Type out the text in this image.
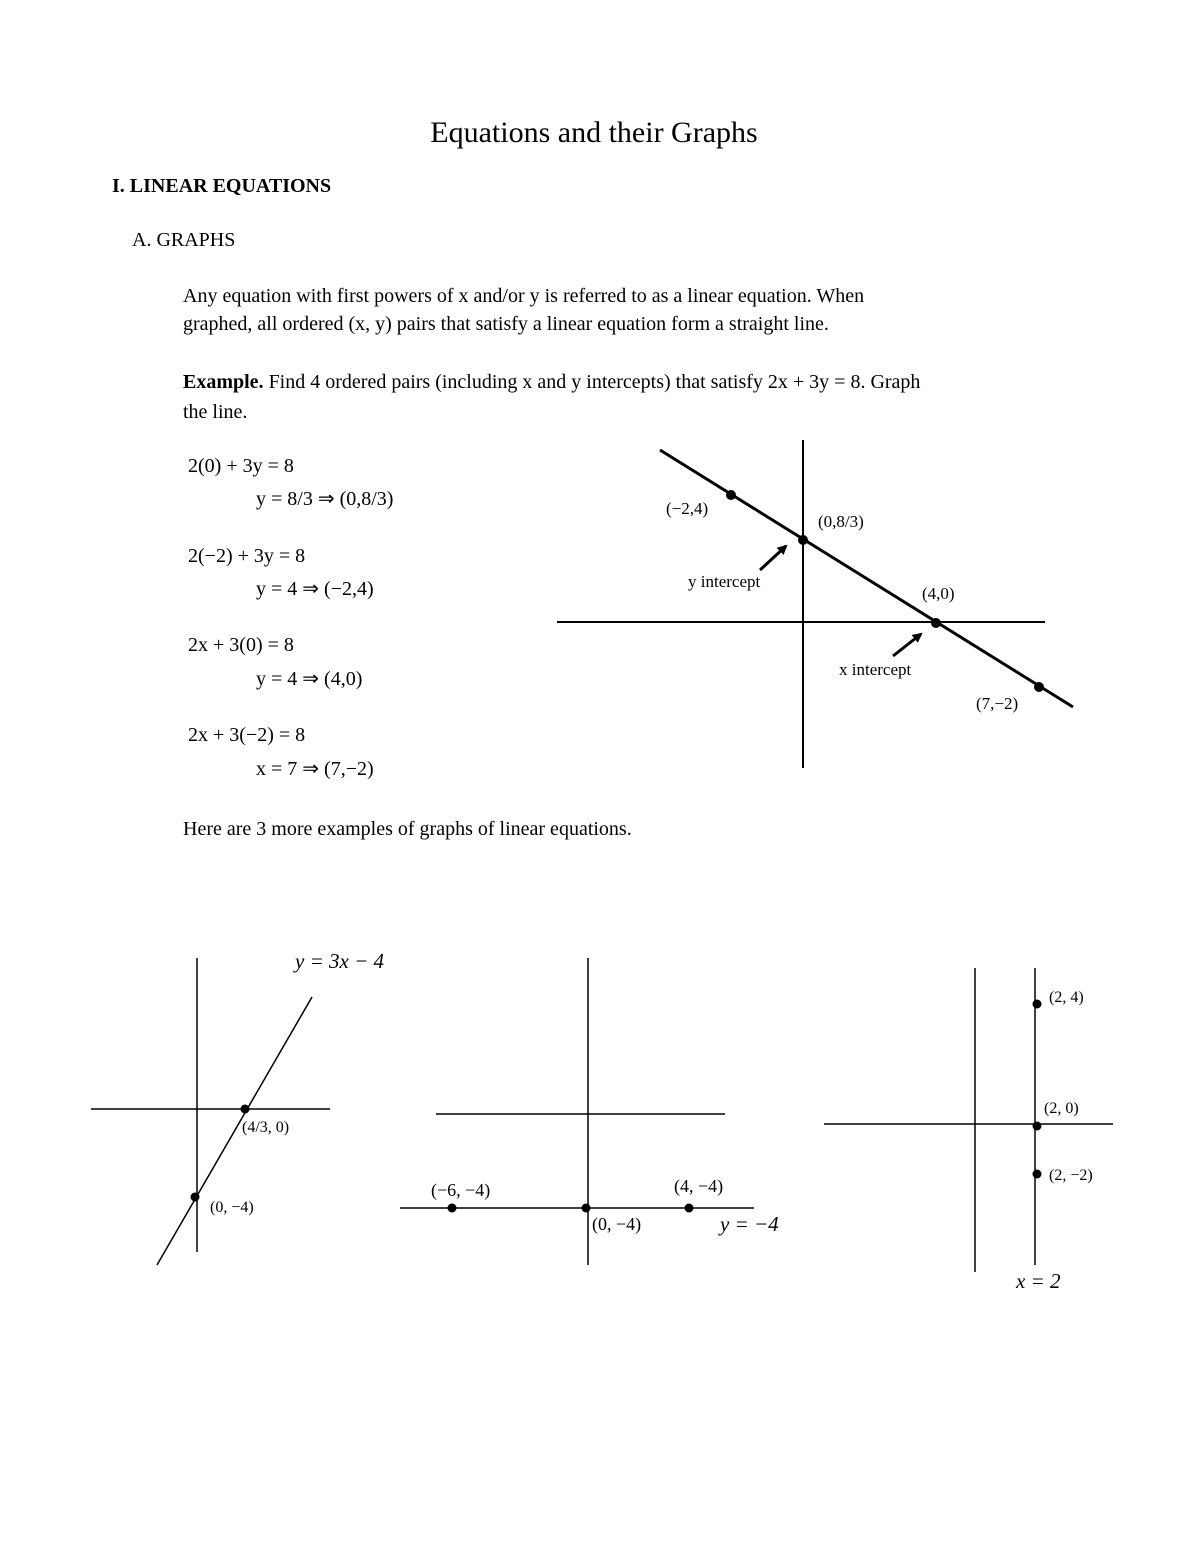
Equations and their Graphs
I. LINEAR EQUATIONS
A. GRAPHS
Any equation with first powers of x and/or y is referred to as a linear equation. When
graphed, all ordered (x, y) pairs that satisfy a linear equation form a straight line.
Example. Find 4 ordered pairs (including x and y intercepts) that satisfy 2x + 3y = 8. Graph
the line.
2(0) + 3y = 8
y = 8/3 ⇒ (0,8/3)
2(−2) + 3y = 8
y = 4 ⇒ (−2,4)
2x + 3(0) = 8
y = 4 ⇒ (4,0)
2x + 3(−2) = 8
x = 7 ⇒ (7,−2)
Here are 3 more examples of graphs of linear equations.
(−2,4)
(0,8/3)
(4,0)
(7,−2)
y intercept
x intercept
y = 3x − 4
(4/3, 0)
(0, −4)
(−6, −4)
(0, −4)
(4, −4)
y = −4
(2, 4)
(2, 0)
(2, −2)
x = 2
